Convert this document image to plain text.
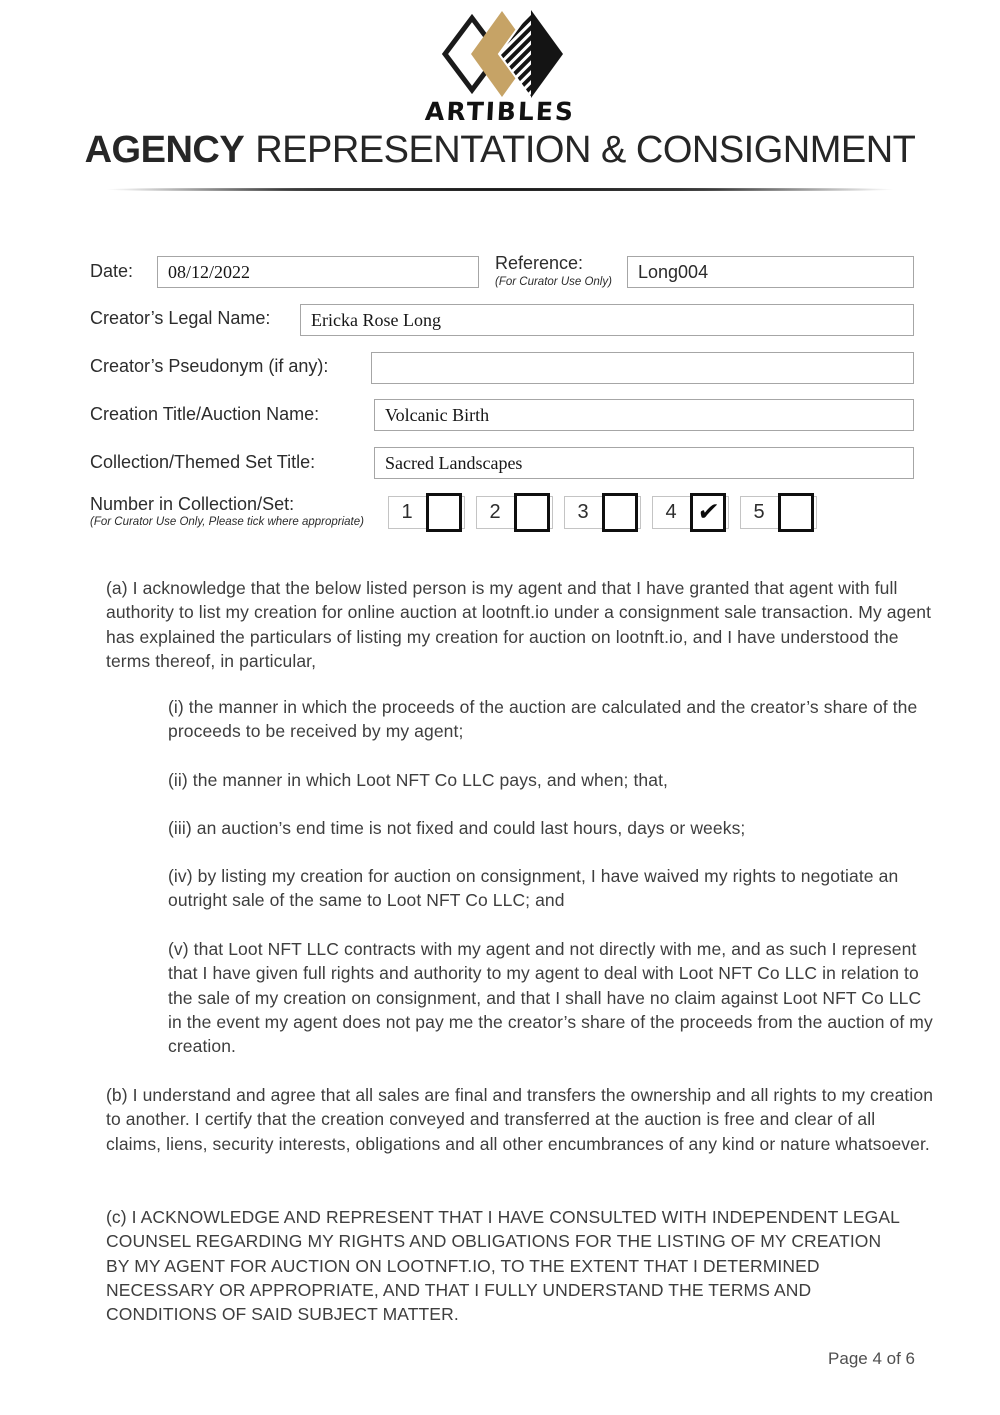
ARTIBLES
AGENCY REPRESENTATION & CONSIGNMENT
Date:	08/12/2022	Reference:
(For Curator Use Only)	Long004
Creator’s Legal Name:	Ericka Rose Long
Creator’s Pseudonym (if any):
Creation Title/Auction Name:	Volcanic Birth
Collection/Themed Set Title:	Sacred Landscapes
Number in Collection/Set:
(For Curator Use Only, Please tick where appropriate)	1	2	3	4 ✔	5
(a) I acknowledge that the below listed person is my agent and that I have granted that agent with full authority to list my creation for online auction at lootnft.io under a consignment sale transaction. My agent has explained the particulars of listing my creation for auction on lootnft.io, and I have understood the terms thereof, in particular,
(i) the manner in which the proceeds of the auction are calculated and the creator’s share of the proceeds to be received by my agent;
(ii) the manner in which Loot NFT Co LLC pays, and when; that,
(iii) an auction’s end time is not fixed and could last hours, days or weeks;
(iv) by listing my creation for auction on consignment, I have waived my rights to negotiate an outright sale of the same to Loot NFT Co LLC; and
(v) that Loot NFT LLC contracts with my agent and not directly with me, and as such I represent that I have given full rights and authority to my agent to deal with Loot NFT Co LLC in relation to the sale of my creation on consignment, and that I shall have no claim against Loot NFT Co LLC in the event my agent does not pay me the creator’s share of the proceeds from the auction of my creation.
(b) I understand and agree that all sales are final and transfers the ownership and all rights to my creation to another. I certify that the creation conveyed and transferred at the auction is free and clear of all claims, liens, security interests, obligations and all other encumbrances of any kind or nature whatsoever.
(c) I ACKNOWLEDGE AND REPRESENT THAT I HAVE CONSULTED WITH INDEPENDENT LEGAL COUNSEL REGARDING MY RIGHTS AND OBLIGATIONS FOR THE LISTING OF MY CREATION BY MY AGENT FOR AUCTION ON LOOTNFT.IO, TO THE EXTENT THAT I DETERMINED NECESSARY OR APPROPRIATE, AND THAT I FULLY UNDERSTAND THE TERMS AND CONDITIONS OF SAID SUBJECT MATTER.
Page 4 of 6
